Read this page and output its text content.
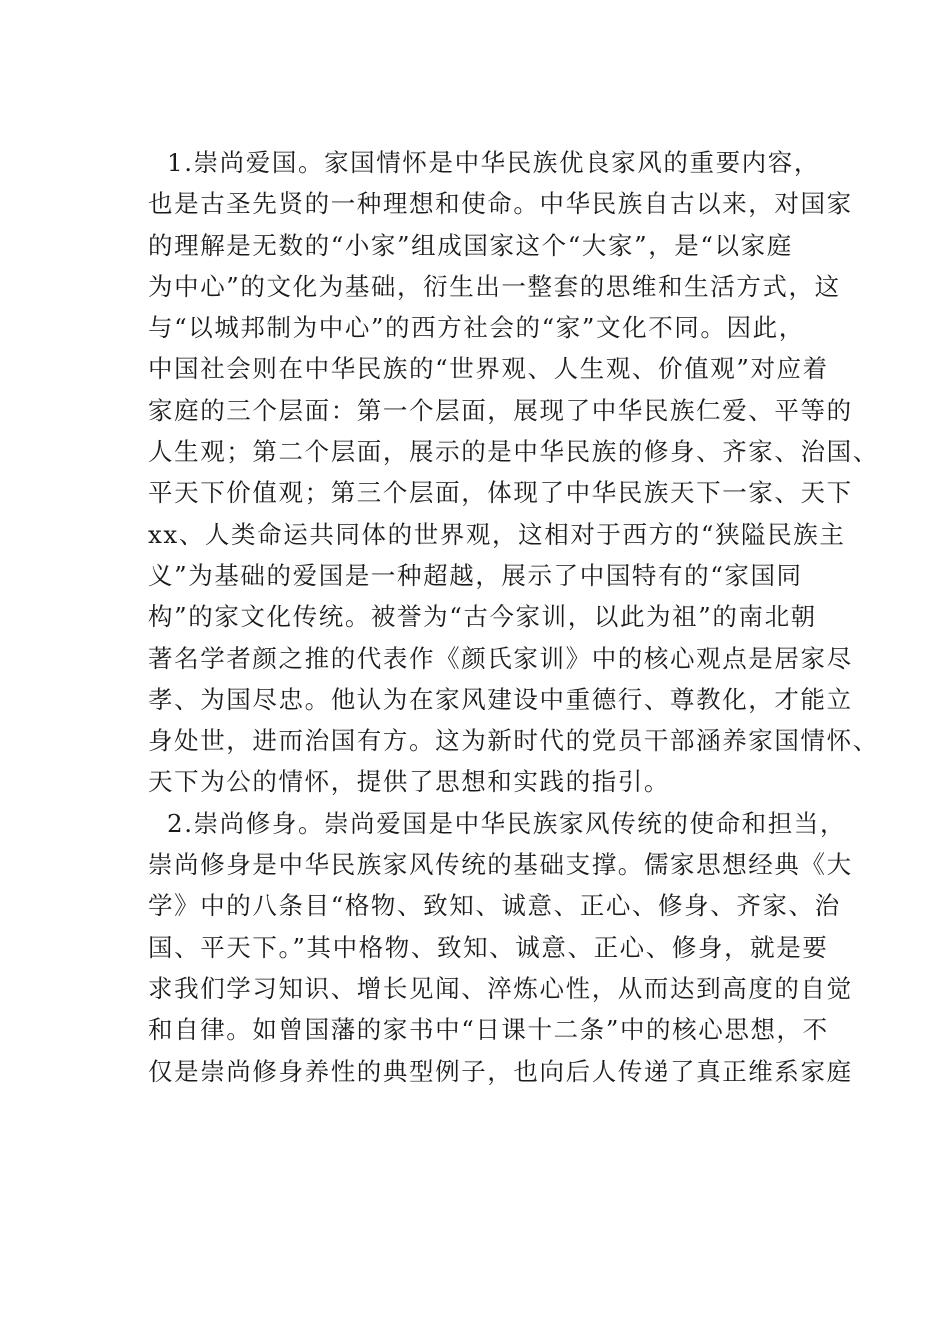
1.崇尚爱国。家国情怀是中华民族优良家风的重要内容，
也是古圣先贤的一种理想和使命。中华民族自古以来，对国家
的理解是无数的“小家”组成国家这个“大家”，是“以家庭
为中心”的文化为基础，衍生出一整套的思维和生活方式，这
与“以城邦制为中心”的西方社会的“家”文化不同。因此，
中国社会则在中华民族的“世界观、人生观、价值观”对应着
家庭的三个层面：第一个层面，展现了中华民族仁爱、平等的
人生观；第二个层面，展示的是中华民族的修身、齐家、治国、
平天下价值观；第三个层面，体现了中华民族天下一家、天下
xx、人类命运共同体的世界观，这相对于西方的“狭隘民族主
义”为基础的爱国是一种超越，展示了中国特有的“家国同
构”的家文化传统。被誉为“古今家训，以此为祖”的南北朝
著名学者颜之推的代表作《颜氏家训》中的核心观点是居家尽
孝、为国尽忠。他认为在家风建设中重德行、尊教化，才能立
身处世，进而治国有方。这为新时代的党员干部涵养家国情怀、
天下为公的情怀，提供了思想和实践的指引。
2.崇尚修身。崇尚爱国是中华民族家风传统的使命和担当，
崇尚修身是中华民族家风传统的基础支撑。儒家思想经典《大
学》中的八条目“格物、致知、诚意、正心、修身、齐家、治
国、平天下。”其中格物、致知、诚意、正心、修身，就是要
求我们学习知识、增长见闻、淬炼心性，从而达到高度的自觉
和自律。如曾国藩的家书中“日课十二条”中的核心思想，不
仅是崇尚修身养性的典型例子，也向后人传递了真正维系家庭
